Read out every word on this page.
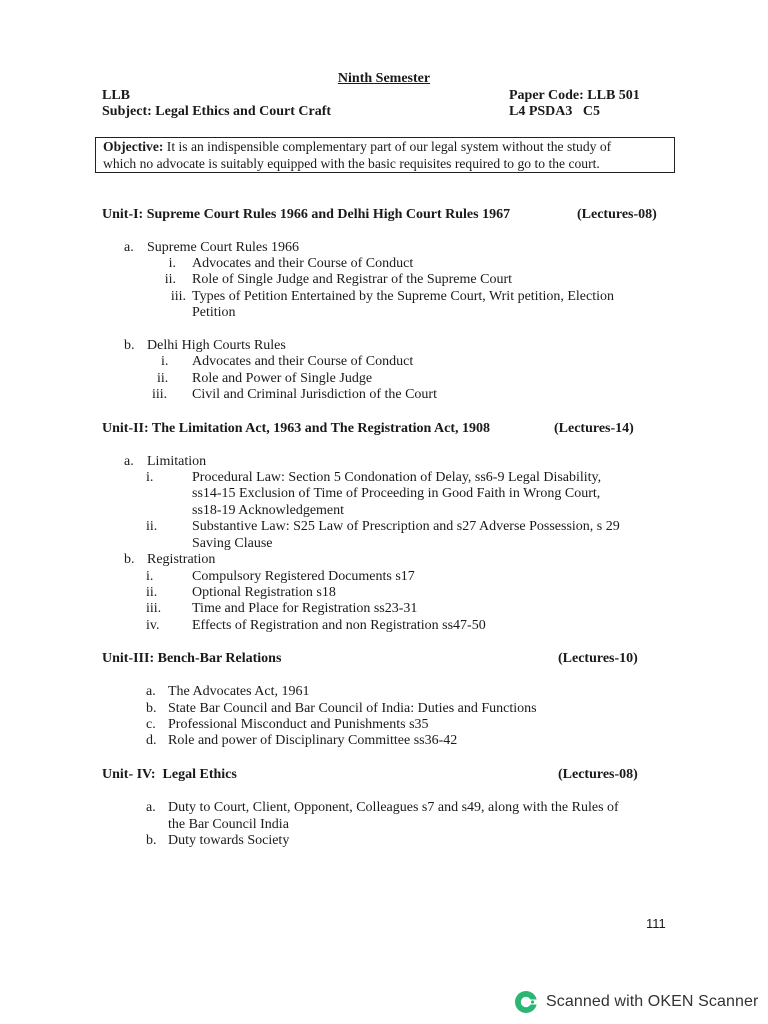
Ninth Semester
LLB
Subject: Legal Ethics and Court Craft
Paper Code: LLB 501
L4 PSDA3   C5
Objective: It is an indispensible complementary part of our legal system without the study of
which no advocate is suitably equipped with the basic requisites required to go to the court.
Unit-I: Supreme Court Rules 1966 and Delhi High Court Rules 1967	(Lectures-08)
a. Supreme Court Rules 1966
i. Advocates and their Course of Conduct
ii. Role of Single Judge and Registrar of the Supreme Court
iii. Types of Petition Entertained by the Supreme Court, Writ petition, Election
Petition
b. Delhi High Courts Rules
i. Advocates and their Course of Conduct
ii. Role and Power of Single Judge
iii. Civil and Criminal Jurisdiction of the Court
Unit-II: The Limitation Act, 1963 and The Registration Act, 1908	(Lectures-14)
a. Limitation
i.	Procedural Law: Section 5 Condonation of Delay, ss6-9 Legal Disability,
ss14-15 Exclusion of Time of Proceeding in Good Faith in Wrong Court,
ss18-19 Acknowledgement
ii. Substantive Law: S25 Law of Prescription and s27 Adverse Possession, s 29
Saving Clause
b. Registration
i.	Compulsory Registered Documents s17
ii. Optional Registration s18
iii. Time and Place for Registration ss23-31
iv. Effects of Registration and non Registration ss47-50
Unit-III: Bench-Bar Relations	(Lectures-10)
a. The Advocates Act, 1961
b. State Bar Council and Bar Council of India: Duties and Functions
c. Professional Misconduct and Punishments s35
d. Role and power of Disciplinary Committee ss36-42
Unit- IV:  Legal Ethics	(Lectures-08)
a. Duty to Court, Client, Opponent, Colleagues s7 and s49, along with the Rules of
the Bar Council India
b. Duty towards Society
111
Scanned with OKEN Scanner
